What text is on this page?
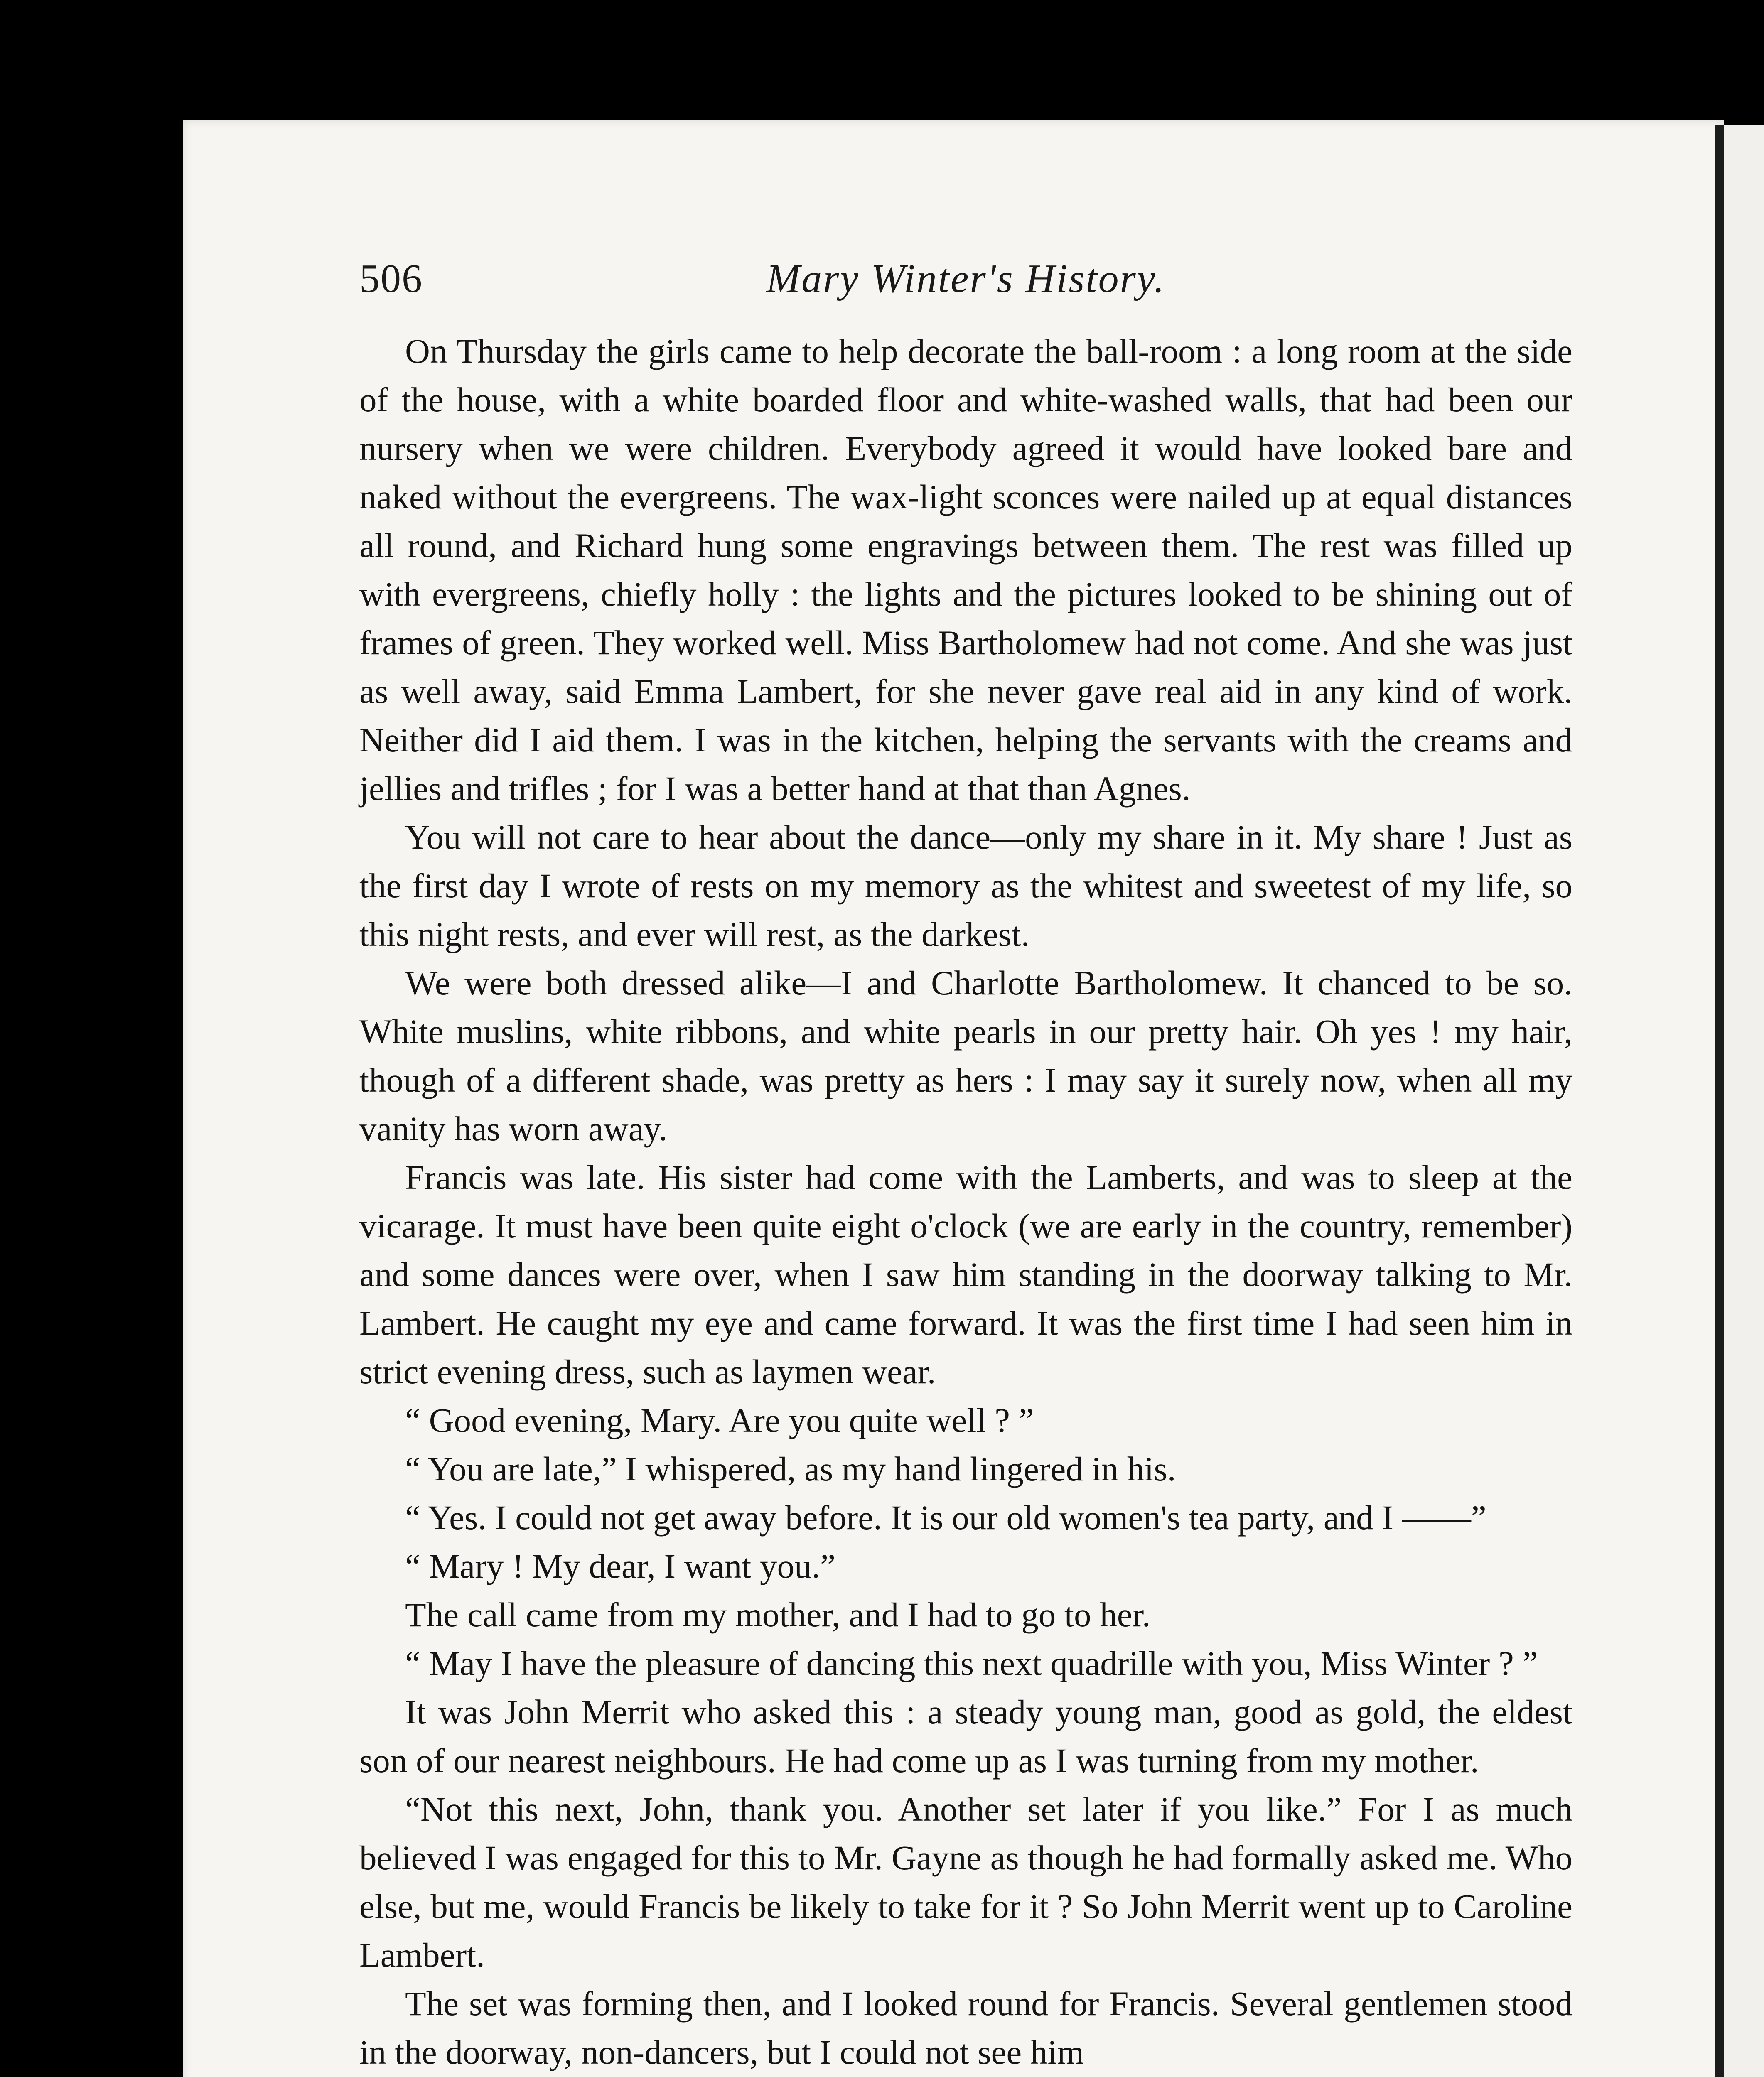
506	Mary Winter's History.

On Thursday the girls came to help decorate the ball-room : a long room at the side of the house, with a white boarded floor and white-washed walls, that had been our nursery when we were children. Everybody agreed it would have looked bare and naked without the evergreens. The wax-light sconces were nailed up at equal distances all round, and Richard hung some engravings between them. The rest was filled up with evergreens, chiefly holly : the lights and the pictures looked to be shining out of frames of green. They worked well. Miss Bartholomew had not come. And she was just as well away, said Emma Lambert, for she never gave real aid in any kind of work. Neither did I aid them. I was in the kitchen, helping the servants with the creams and jellies and trifles ; for I was a better hand at that than Agnes.

You will not care to hear about the dance—only my share in it. My share ! Just as the first day I wrote of rests on my memory as the whitest and sweetest of my life, so this night rests, and ever will rest, as the darkest.

We were both dressed alike—I and Charlotte Bartholomew. It chanced to be so. White muslins, white ribbons, and white pearls in our pretty hair. Oh yes ! my hair, though of a different shade, was pretty as hers : I may say it surely now, when all my vanity has worn away.

Francis was late. His sister had come with the Lamberts, and was to sleep at the vicarage. It must have been quite eight o'clock (we are early in the country, remember) and some dances were over, when I saw him standing in the doorway talking to Mr. Lambert. He caught my eye and came forward. It was the first time I had seen him in strict evening dress, such as laymen wear.

“ Good evening, Mary. Are you quite well ? ”

“ You are late,” I whispered, as my hand lingered in his.

“ Yes. I could not get away before. It is our old women's tea party, and I ——”

“ Mary ! My dear, I want you.”

The call came from my mother, and I had to go to her.

“ May I have the pleasure of dancing this next quadrille with you, Miss Winter ? ”

It was John Merrit who asked this : a steady young man, good as gold, the eldest son of our nearest neighbours. He had come up as I was turning from my mother.

“Not this next, John, thank you. Another set later if you like.” For I as much believed I was engaged for this to Mr. Gayne as though he had formally asked me. Who else, but me, would Francis be likely to take for it ? So John Merrit went up to Caroline Lambert.

The set was forming then, and I looked round for Francis. Several gentlemen stood in the doorway, non-dancers, but I could not see him
